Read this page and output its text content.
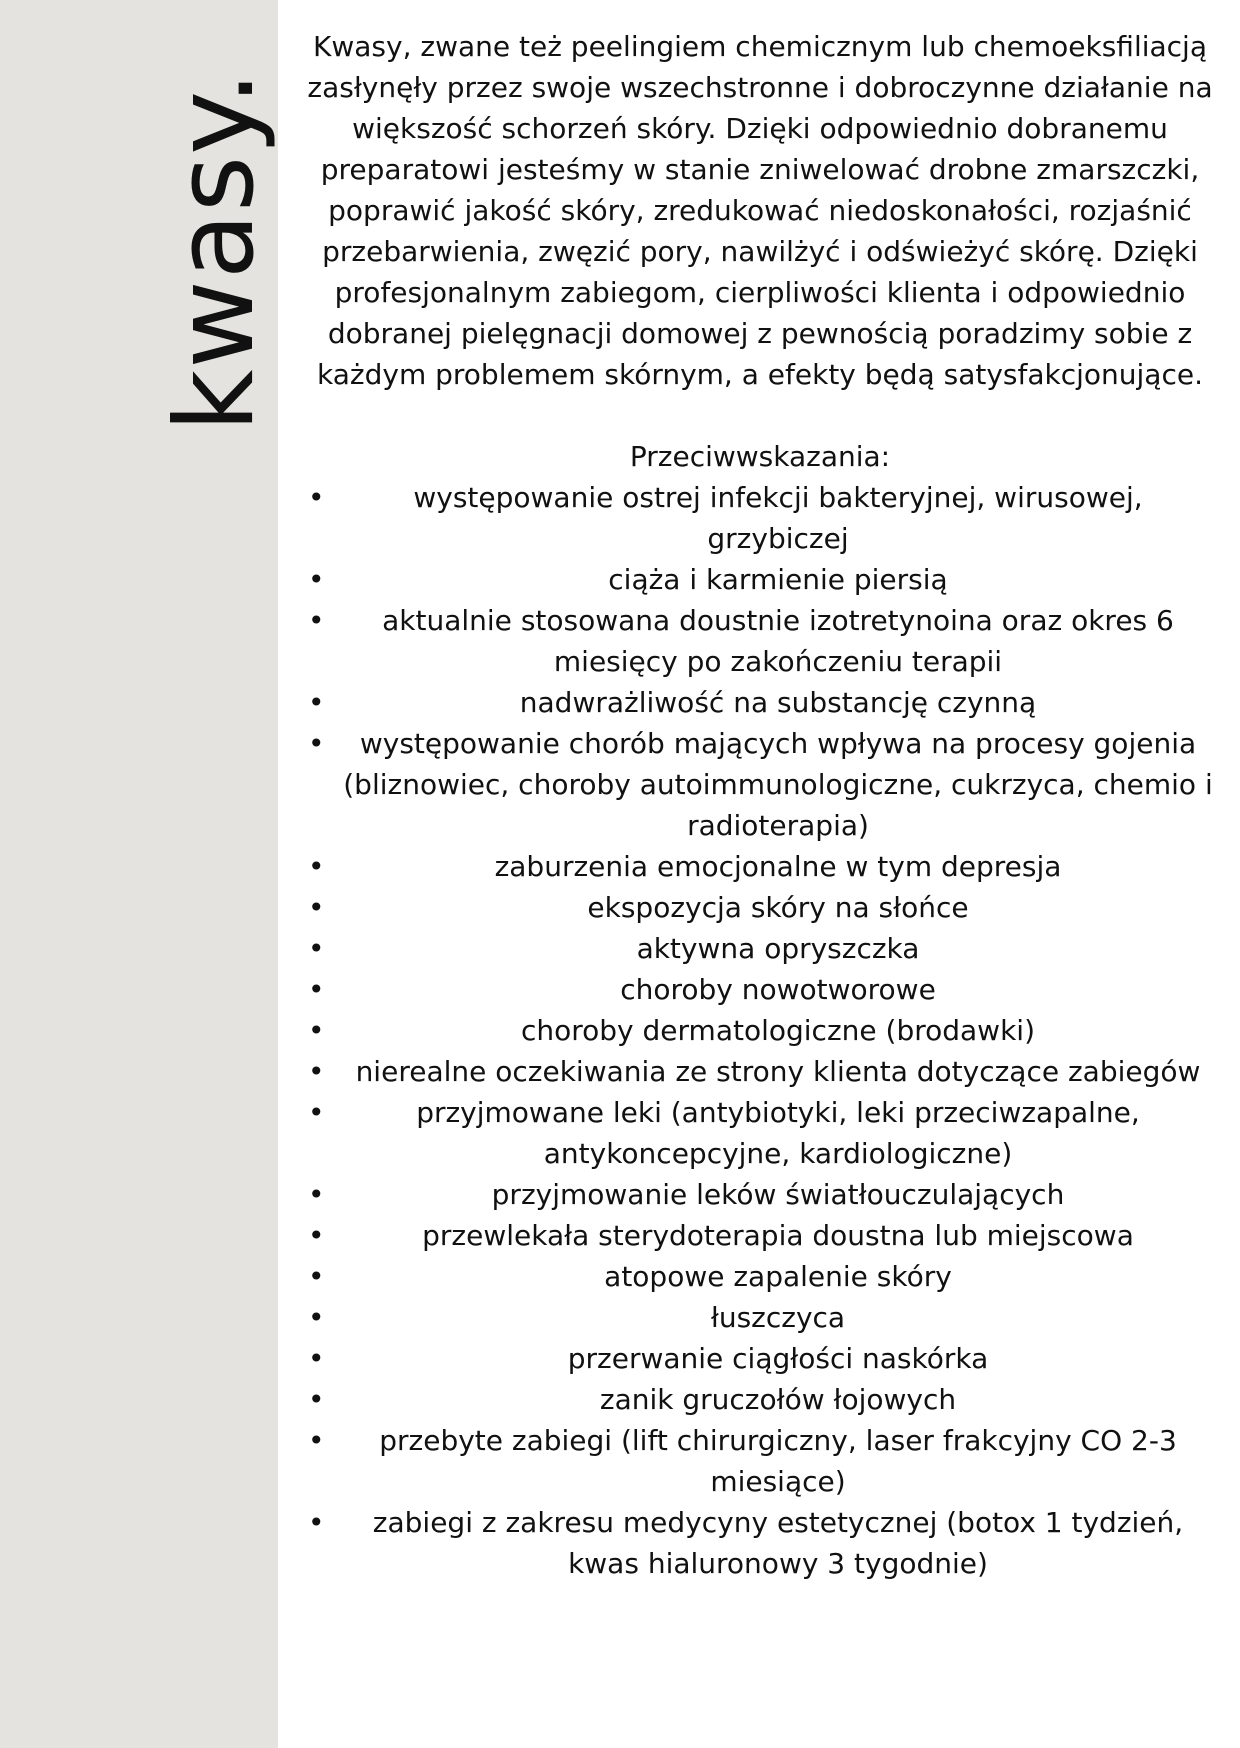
kwasy.

Kwasy, zwane też peelingiem chemicznym lub chemoeksfiliacją zasłynęły przez swoje wszechstronne i dobroczynne działanie na większość schorzeń skóry. Dzięki odpowiednio dobranemu preparatowi jesteśmy w stanie zniwelować drobne zmarszczki, poprawić jakość skóry, zredukować niedoskonałości, rozjaśnić przebarwienia, zwęzić pory, nawilżyć i odświeżyć skórę. Dzięki profesjonalnym zabiegom, cierpliwości klienta i odpowiednio dobranej pielęgnacji domowej z pewnością poradzimy sobie z każdym problemem skórnym, a efekty będą satysfakcjonujące.

Przeciwwskazania:

•	występowanie ostrej infekcji bakteryjnej, wirusowej, grzybiczej
•	ciąża i karmienie piersią
• aktualnie stosowana doustnie izotretynoina oraz okres 6 miesięcy po zakończeniu terapii
•	nadwrażliwość na substancję czynną
• występowanie chorób mających wpływa na procesy gojenia (bliznowiec, choroby autoimmunologiczne, cukrzyca, chemio i radioterapia)
•	zaburzenia emocjonalne w tym depresja
•	ekspozycja skóry na słońce
•	aktywna opryszczka
•	choroby nowotworowe
•	choroby dermatologiczne (brodawki)
• nierealne oczekiwania ze strony klienta dotyczące zabiegów
•	przyjmowane leki (antybiotyki, leki przeciwzapalne, antykoncepcyjne, kardiologiczne)
•	przyjmowanie leków światłouczulających
•	przewlekała sterydoterapia doustna lub miejscowa
•	atopowe zapalenie skóry
•	łuszczyca
•	przerwanie ciągłości naskórka
•	zanik gruczołów łojowych
• przebyte zabiegi (lift chirurgiczny, laser frakcyjny CO 2-3 miesiące)
• zabiegi z zakresu medycyny estetycznej (botox 1 tydzień, kwas hialuronowy 3 tygodnie)
